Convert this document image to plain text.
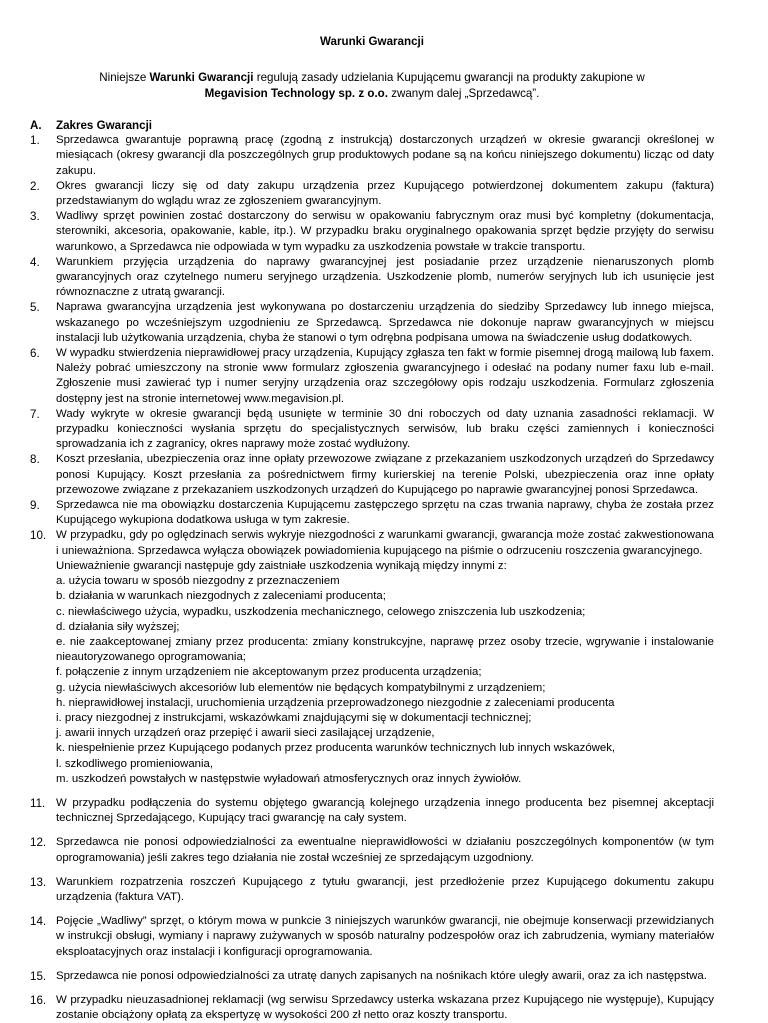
Warunki Gwarancji

Niniejsze Warunki Gwarancji regulują zasady udzielania Kupującemu gwarancji na produkty zakupione w
Megavision Technology sp. z o.o. zwanym dalej „Sprzedawcą”.
A.	Zakres Gwarancji
1.	Sprzedawca gwarantuje poprawną pracę (zgodną z instrukcją) dostarczonych urządzeń w okresie gwarancji określonej w miesiącach (okresy gwarancji dla poszczególnych grup produktowych podane są na końcu niniejszego dokumentu) licząc od daty zakupu.
2.	Okres gwarancji liczy się od daty zakupu urządzenia przez Kupującego potwierdzonej dokumentem zakupu (faktura) przedstawianym do wglądu wraz ze zgłoszeniem gwarancyjnym.
3.	Wadliwy sprzęt powinien zostać dostarczony do serwisu w opakowaniu fabrycznym oraz musi być kompletny (dokumentacja, sterowniki, akcesoria, opakowanie, kable, itp.). W przypadku braku oryginalnego opakowania sprzęt będzie przyjęty do serwisu warunkowo, a Sprzedawca nie odpowiada w tym wypadku za uszkodzenia powstałe w trakcie transportu.
4.	Warunkiem przyjęcia urządzenia do naprawy gwarancyjnej jest posiadanie przez urządzenie nienaruszonych plomb gwarancyjnych oraz czytelnego numeru seryjnego urządzenia. Uszkodzenie plomb, numerów seryjnych lub ich usunięcie jest równoznaczne z utratą gwarancji.
5.	Naprawa gwarancyjna urządzenia jest wykonywana po dostarczeniu urządzenia do siedziby Sprzedawcy lub innego miejsca, wskazanego po wcześniejszym uzgodnieniu ze Sprzedawcą. Sprzedawca nie dokonuje napraw gwarancyjnych w miejscu instalacji lub użytkowania urządzenia, chyba że stanowi o tym odrębna podpisana umowa na świadczenie usług dodatkowych.
6.	W wypadku stwierdzenia nieprawidłowej pracy urządzenia, Kupujący zgłasza ten fakt w formie pisemnej drogą mailową lub faxem. Należy pobrać umieszczony na stronie www formularz zgłoszenia gwarancyjnego i odesłać na podany numer faxu lub e-mail. Zgłoszenie musi zawierać typ i numer seryjny urządzenia oraz szczegółowy opis rodzaju uszkodzenia. Formularz zgłoszenia dostępny jest na stronie internetowej www.megavision.pl.
7.	Wady wykryte w okresie gwarancji będą usunięte w terminie 30 dni roboczych od daty uznania zasadności reklamacji. W przypadku konieczności wysłania sprzętu do specjalistycznych serwisów, lub braku części zamiennych i konieczności sprowadzania ich z zagranicy, okres naprawy może zostać wydłużony.
8.	Koszt przesłania, ubezpieczenia oraz inne opłaty przewozowe związane z przekazaniem uszkodzonych urządzeń do Sprzedawcy ponosi Kupujący. Koszt przesłania za pośrednictwem firmy kurierskiej na terenie Polski, ubezpieczenia oraz inne opłaty przewozowe związane z przekazaniem uszkodzonych urządzeń do Kupującego po naprawie gwarancyjnej ponosi Sprzedawca.
9.	Sprzedawca nie ma obowiązku dostarczenia Kupującemu zastępczego sprzętu na czas trwania naprawy, chyba że została przez Kupującego wykupiona dodatkowa usługa w tym zakresie.
10. W przypadku, gdy po oględzinach serwis wykryje niezgodności z warunkami gwarancji, gwarancja może zostać zakwestionowana i unieważniona. Sprzedawca wyłącza obowiązek powiadomienia kupującego na piśmie o odrzuceniu roszczenia gwarancyjnego.
Unieważnienie gwarancji następuje gdy zaistniałe uszkodzenia wynikają między innymi z:
a. użycia towaru w sposób niezgodny z przeznaczeniem
b. działania w warunkach niezgodnych z zaleceniami producenta;
c. niewłaściwego użycia, wypadku, uszkodzenia mechanicznego, celowego zniszczenia lub uszkodzenia;
d. działania siły wyższej;
e. nie zaakceptowanej zmiany przez producenta: zmiany konstrukcyjne, naprawę przez osoby trzecie, wgrywanie i instalowanie nieautoryzowanego oprogramowania;
f. połączenie z innym urządzeniem nie akceptowanym przez producenta urządzenia;
g. użycia niewłaściwych akcesoriów lub elementów nie będących kompatybilnymi z urządzeniem;
h. nieprawidłowej instalacji, uruchomienia urządzenia przeprowadzonego niezgodnie z zaleceniami producenta
i. pracy niezgodnej z instrukcjami, wskazówkami znajdującymi się w dokumentacji technicznej;
j. awarii innych urządzeń oraz przepięć i awarii sieci zasilającej urządzenie,
k. niespełnienie przez Kupującego podanych przez producenta warunków technicznych lub innych wskazówek,
l. szkodliwego promieniowania,
m. uszkodzeń powstałych w następstwie wyładowań atmosferycznych oraz innych żywiołów.
11. W przypadku podłączenia do systemu objętego gwarancją kolejnego urządzenia innego producenta bez pisemnej akceptacji technicznej Sprzedającego, Kupujący traci gwarancję na cały system.
12. Sprzedawca nie ponosi odpowiedzialności za ewentualne nieprawidłowości w działaniu poszczególnych komponentów (w tym oprogramowania) jeśli zakres tego działania nie został wcześniej ze sprzedającym uzgodniony.
13. Warunkiem rozpatrzenia roszczeń Kupującego z tytułu gwarancji, jest przedłożenie przez Kupującego dokumentu zakupu urządzenia (faktura VAT).
14. Pojęcie „Wadliwy” sprzęt, o którym mowa w punkcie 3 niniejszych warunków gwarancji, nie obejmuje konserwacji przewidzianych w instrukcji obsługi, wymiany i naprawy zużywanych w sposób naturalny podzespołów oraz ich zabrudzenia, wymiany materiałów eksploatacyjnych oraz instalacji i konfiguracji oprogramowania.
15. Sprzedawca nie ponosi odpowiedzialności za utratę danych zapisanych na nośnikach które uległy awarii, oraz za ich następstwa.
16. W przypadku nieuzasadnionej reklamacji (wg serwisu Sprzedawcy usterka wskazana przez Kupującego nie występuje), Kupujący zostanie obciążony opłatą za ekspertyzę w wysokości 200 zł netto oraz koszty transportu.
